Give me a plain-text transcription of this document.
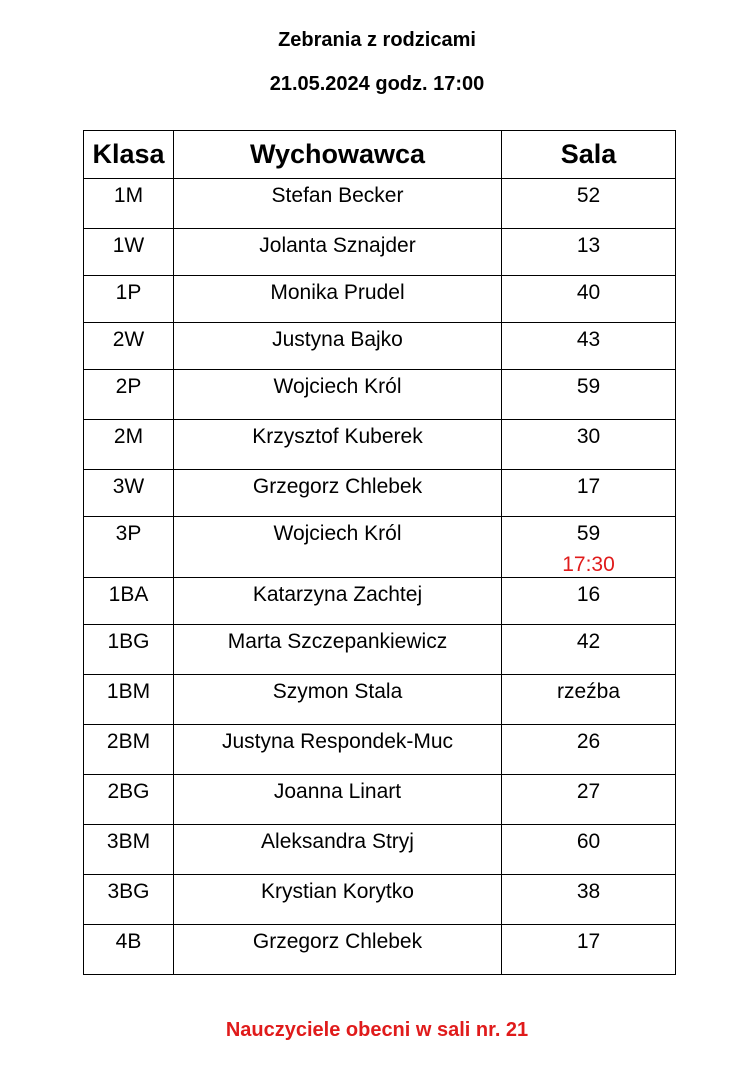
Zebrania z rodzicami
21.05.2024 godz. 17:00
Klasa	Wychowawca	Sala
1M	Stefan Becker	52
1W	Jolanta Sznajder	13
1P	Monika Prudel	40
2W	Justyna Bajko	43
2P	Wojciech Król	59
2M	Krzysztof Kuberek	30
3W	Grzegorz Chlebek	17
3P	Wojciech Król	59
17:30

1BA	Katarzyna Zachtej	16
1BG	Marta Szczepankiewicz	42
1BM	Szymon Stala	rzeźba
2BM	Justyna Respondek-Muc	26
2BG	Joanna Linart	27
3BM	Aleksandra Stryj	60
3BG	Krystian Korytko	38
4B	Grzegorz Chlebek	17
Nauczyciele obecni w sali nr. 21
